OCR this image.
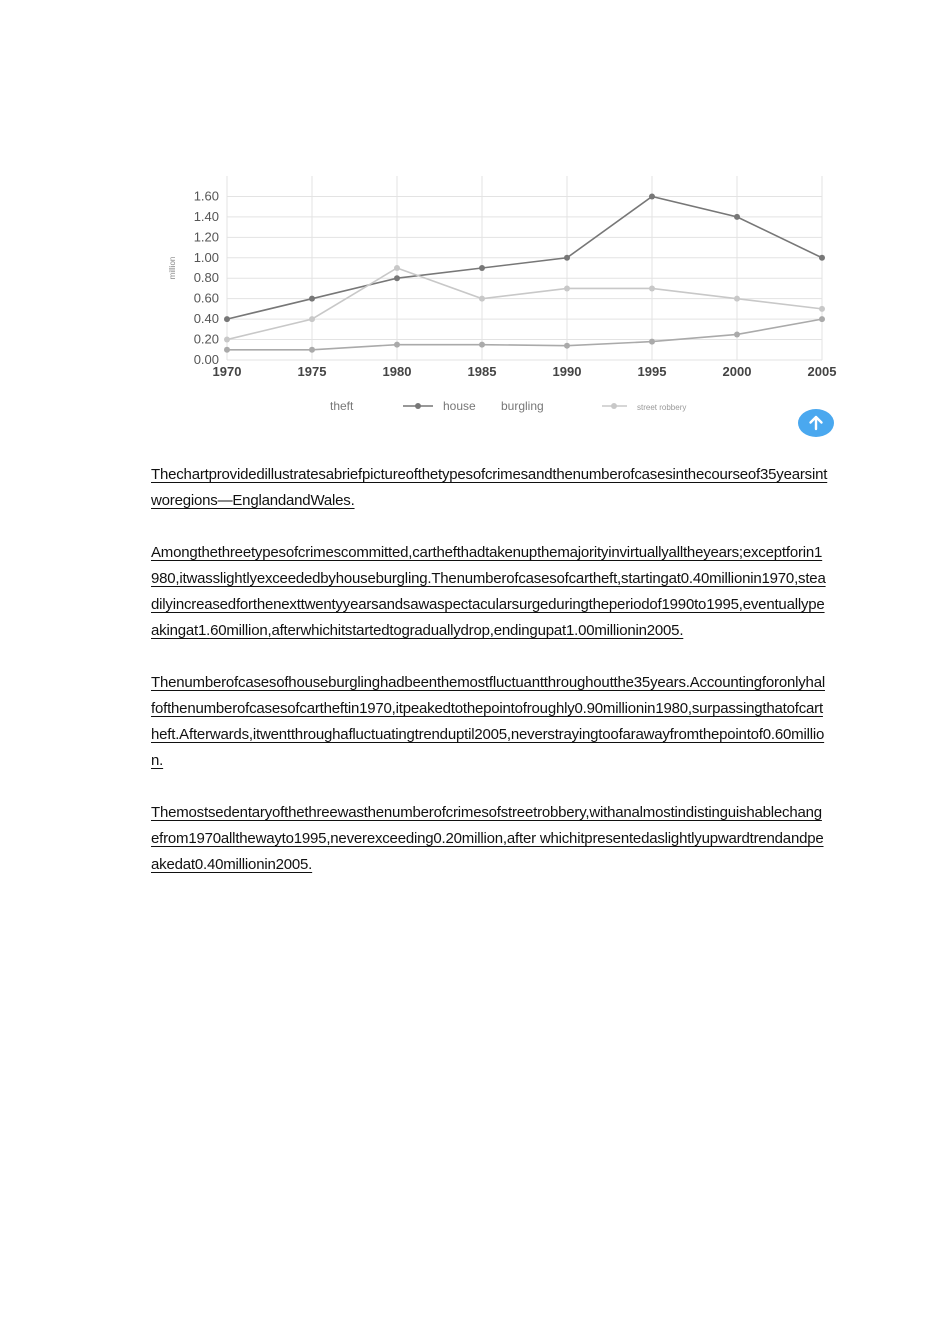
0.00
0.20
0.40
0.60
0.80
1.00
1.20
1.40
1.60
million
1970	1975	1980	1985	1990	1995	2000	2005
theft	house burgling	street robbery

Thechartprovidedillustratesabriefpictureofthetypesofcrimesandthenumberofcasesinthecourseof35yearsintworegions—EnglandandWales.

Amongthethreetypesofcrimescommitted,carthefthadtakenupthemajorityinvirtuallyalltheyears;exceptforin1980,itwasslightlyexceededbyhouseburgling.Thenumberofcasesofcartheft,startingat0.40millionin1970,steadilyincreasedforthenexttwentyyearsandsawaspectacularsurgeduringtheperiodof1990to1995,eventuallypeakingat1.60million,afterwhichitstartedtograduallydrop,endingupat1.00millionin2005.

Thenumberofcasesofhouseburglinghadbeenthemostfluctuantthroughoutthe35years.Accountingforonlyhalfofthenumberofcasesofcartheftin1970,itpeakedtothepointofroughly0.90millionin1980,surpassingthatofcartheft.Afterwards,itwentthroughafluctuatingtrenduptil2005,neverstrayingtoofarawayfromthepointof0.60million.

Themostsedentaryofthethreewasthenumberofcrimesofstreetrobbery,withanalmostindistinguishablechangefrom1970allthewayto1995,neverexceeding0.20million,after whichitpresentedaslightlyupwardtrendandpeakedat0.40millionin2005.
